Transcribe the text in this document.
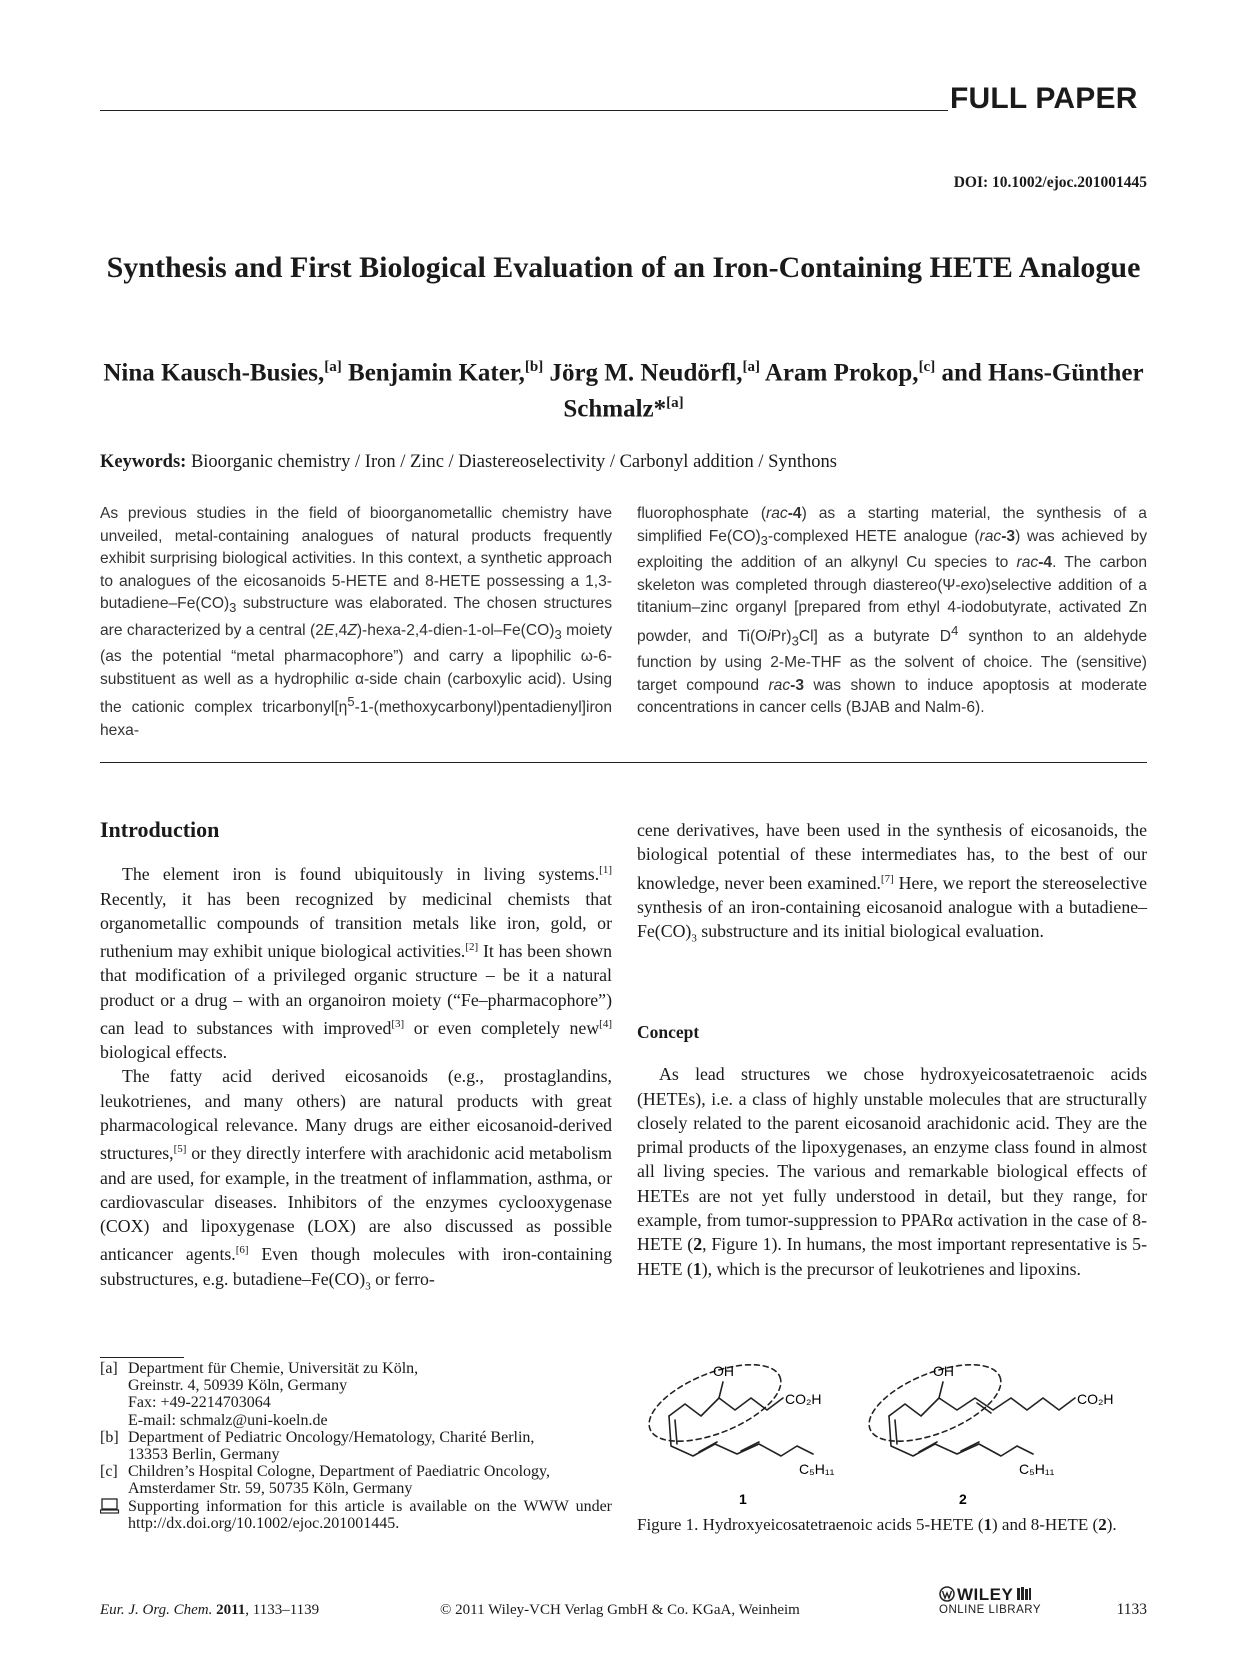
FULL PAPER
DOI: 10.1002/ejoc.201001445
Synthesis and First Biological Evaluation of an Iron-Containing HETE Analogue
Nina Kausch-Busies,[a] Benjamin Kater,[b] Jörg M. Neudörfl,[a] Aram Prokop,[c] and Hans-Günther Schmalz*[a]
Keywords: Bioorganic chemistry / Iron / Zinc / Diastereoselectivity / Carbonyl addition / Synthons
As previous studies in the field of bioorganometallic chemistry have unveiled, metal-containing analogues of natural products frequently exhibit surprising biological activities. In this context, a synthetic approach to analogues of the eicosanoids 5-HETE and 8-HETE possessing a $1,3-butadiene-Fe(CO)_3$ substructure was elaborated. The chosen structures are characterized by a central $(2E,4Z)-hexa-2,4-dien-1-ol-Fe(CO)_3$ moiety (as the potential “metal pharmacophore”) and carry a lipophilic ω-6-substituent as well as a hydrophilic α-side chain (carboxylic acid). Using the cationic complex $tricarbonyl[\eta^5-1-(methoxycarbonyl)pentadienyl]iron$ hexa-
fluorophosphate (rac-4) as a starting material, the synthesis of a simplified $Fe(CO)_3$-complexed HETE analogue (rac-3) was achieved by exploiting the addition of an alkynyl Cu species to rac-4. The carbon skeleton was completed through diastereo(Ψ-exo)selective addition of a titanium–zinc organyl [prepared from ethyl 4-iodobutyrate, activated Zn powder, and $Ti(OiPr)_3Cl$] as a butyrate $D^4$ synthon to an aldehyde function by using 2-Me-THF as the solvent of choice. The (sensitive) target compound rac-3 was shown to induce apoptosis at moderate concentrations in cancer cells (BJAB and Nalm-6).
Introduction

The element iron is found ubiquitously in living systems.[1] Recently, it has been recognized by medicinal chemists that organometallic compounds of transition metals like iron, gold, or ruthenium may exhibit unique biological activities.[2] It has been shown that modification of a privileged organic structure – be it a natural product or a drug – with an organoiron moiety (“Fe–pharmacophore”) can lead to substances with improved[3] or even completely new[4] biological effects.

The fatty acid derived eicosanoids (e.g., prostaglandins, leukotrienes, and many others) are natural products with great pharmacological relevance. Many drugs are either eicosanoid-derived structures,[5] or they directly interfere with arachidonic acid metabolism and are used, for example, in the treatment of inflammation, asthma, or cardiovascular diseases. Inhibitors of the enzymes cyclooxygenase (COX) and lipoxygenase (LOX) are also discussed as possible anticancer agents.[6] Even though molecules with iron-containing substructures, e.g. butadiene–$Fe(CO)_3$ or ferro-

cene derivatives, have been used in the synthesis of eicosanoids, the biological potential of these intermediates has, to the best of our knowledge, never been examined.[7] Here, we report the stereoselective synthesis of an iron-containing eicosanoid analogue with a butadiene–$Fe(CO)_3$ substructure and its initial biological evaluation.

Concept

As lead structures we chose hydroxyeicosatetraenoic acids (HETEs), i.e. a class of highly unstable molecules that are structurally closely related to the parent eicosanoid arachidonic acid. They are the primal products of the lipoxygenases, an enzyme class found in almost all living species. The various and remarkable biological effects of HETEs are not yet fully understood in detail, but they range, for example, from tumor-suppression to PPARα activation in the case of 8-HETE (2, Figure 1). In humans, the most important representative is 5-HETE (1), which is the precursor of leukotrienes and lipoxins.

[a] Department für Chemie, Universität zu Köln,
Greinstr. 4, 50939 Köln, Germany
Fax: +49-2214703064
E-mail: schmalz@uni-koeln.de
[b] Department of Pediatric Oncology/Hematology, Charité Berlin,
13353 Berlin, Germany
[c] Children’s Hospital Cologne, Department of Paediatric Oncology,
Amsterdamer Str. 59, 50735 Köln, Germany
Supporting information for this article is available on the WWW under http://dx.doi.org/10.1002/ejoc.201001445.
OH
CO₂H
C₅H₁₁
1
OH
CO₂H
C₅H₁₁
2
Figure 1. Hydroxyeicosatetraenoic acids 5-HETE (1) and 8-HETE (2).
Eur. J. Org. Chem. 2011, 1133–1139	© 2011 Wiley-VCH Verlag GmbH & Co. KGaA, Weinheim
WILEY
ONLINE LIBRARY	1133
